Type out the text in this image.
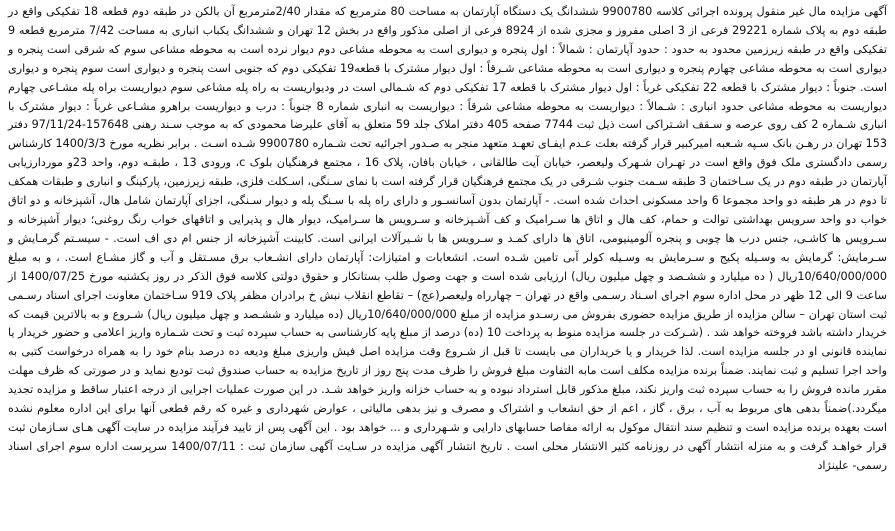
آگهی مزایده مال غیر منقول پرونده اجرائی کلاسه 9900780 ششدانگ یک دستگاه آپارتمان به مساحت 80 مترمربع که مقدار 2/40مترمربع آن بالکن در طبقه دوم قطعه 18 تفکیکی واقع در طبقه دوم به پلاک شماره 29221 فرعی از 3 اصلی مفروز و مجزی شده از 8924 فرعی از اصلی مذکور واقع در بخش 12 تهران و ششدانگ یکباب انباری به مساحت 7/42 مترمربع قطعه 9 تفکیکی واقع در طبقه زیرزمین محدود به حدود : حدود آپارتمان : شمالاً : اول پنجره و دیواری است به محوطه مشاعی دوم دیوار نرده است به محوطه مشاعی سوم که شرقی است پنجره و دیواری است به محوطه مشاعی چهارم پنجره و دیواری است به محوطه مشاعی شـرقاً : اول دیوار مشترک با قطعه19 تفکیکی دوم که جنوبی است پنجره و دیواری است سوم پنجره و دیواری است. جنوباً : دیوار مشترک با قطعه 22 تفکیکی غرباً : اول دیوار مشترک با قطعه 17 تفکیکی دوم که شـمالی است در ودیواریست به راه پله مشاعی سوم دیواریست براه پله مشـاعی چهارم دیواریست به محوطه مشاعی حدود انباری : شـمالاً : دیواریست به محوطه مشاعی شرقاً : دیواریست به انباری شماره 8 جنوباً : درب و دیواریست براهرو مشـاعی غرباً : دیوار مشترک با انباری شـماره 2 کف روی عرصه و سـقف اشـتراکی است ذیل ثبت 7744 صفحه 405 دفتر املاک جلد 59 متعلق به آقای علیرضا محمودی که به موجب سـند رهنی 157648-97/11/24 دفتر 153 تهران در رهـن بانک سـپه شـعبه امیرکبیر قرار گرفته بعلت عـدم ایفـای تعهـد متعهد منجر به صـدور اجرائیه تحت شـماره 9900780 شـده اسـت . برابر نظریه مورخ 1400/3/3 کارشناس رسمی دادگستری ملک فوق واقع است در تهـران شـهرک ولیعصر، خیابان آیت طالقانی ، خیابان بافان، پلاک 16 ، مجتمع فرهنگیان بلوک c، ورودی 13 ، طبقـه دوم، واحد 23و موردارزیابی آپارتمان در طبقه دوم در یک سـاختمان 3 طبقه سـمت جنوب شـرقی در یک مجتمع فرهنگیان قرار گرفته است با نمای سـنگی، اسـکلت فلزی، طبقه زیرزمین، پارکینگ و انباری و طبقات همکف تا دوم در هر طبقه دو واحد مجموعا 6 واحد مسکونی احداث شده است. - آپارتمان بدون آسانسـور و دارای راه پله با سـنگ پله و دیوار سـنگی، اجزای آپارتمان شامل هال، آشپزخانه و دو اتاق خواب دو واحد سرویس بهداشتی توالت و حمام، کف هال و اتاق ها سـرامیک و کف آشـپزخانه و سـرویس ها سـرامیک، دیوار هال و پذیرایی و اتاقهای خواب رنگ روغنی؛ دیوار آشپزخانه و سـرویس ها کاشـی، جنس درب ها چوبی و پنجره آلومینیومی، اتاق ها دارای کمـد و سـرویس ها با شـیرآلات ایرانی است. کابینت آشپزخانه از جنس ام دی اف است. - سیسـتم گرمـایش و سـرمایش: گرمایش به وسـیله پکیج و سـرمایش به وسـیله کولر آبی تامین شـده است. انشعابات و امتیازات: آپارتمان دارای انشـعاب برق مسـتقل و آب و گاز مشـاع است. ، و به مبلغ 10/640/000/000ریال ( ده میلیارد و ششـصد و چهل میلیون ریال) ارزیابی شده است و جهت وصول طلب بستانکار و حقوق دولتی کلاسه فوق الذکر در روز یکشنبه مورخ 1400/07/25 از ساعت 9 الی 12 ظهر در محل اداره سوم اجرای اسـناد رسـمی واقع در تهران – چهارراه ولیعصر(عج) – تقاطع انقلاب نبش خ برادران مظفر پلاک 919 سـاختمان معاونت اجرای اسناد رسـمی ثبت استان تهران – سالن مزایده از طریق مزایده حضوری بفروش می رسـدو مزایده از مبلغ 10/640/000/000ریال (ده میلیارد و ششـصد و چهل میلیون ریال) شـروع و به بالاترین قیمت که خریدار داشته باشد فروخته خواهد شد . (شـرکت در جلسه مزایده منوط به پرداخت 10 (ده) درصد از مبلغ پایه کارشناسی به حساب سپرده ثبت و تحت شـماره واریز اعلامی و حضور خریدار یا نماینده قانونی او در جلسه مزایده است. لذا خریدار و یا خریداران می بایست تا قبل از شـروع وقت مزایده اصل فیش واریزی مبلغ ودیعه ده درصد بنام خود را به همراه درخواست کتبی به واحد اجرا تسلیم و ثبت نمایند. ضمناً برنده مزایده مکلف است مابه التفاوت مبلغ فروش را ظرف مدت پنج روز از تاریخ مزایده به حساب صندوق ثبت تودیع نماید و در صورتی که ظرف مهلت مقرر مانده فروش را به حساب سپرده ثبت واریز نکند، مبلغ مذکور قابل استرداد نبوده و به حساب خزانه واریز خواهد شـد. در این صورت عملیات اجرایی از درجه اعتبار ساقط و مزایده تجدید میگردد.)ضمناً بدهی های مربوط به آب ، برق ، گاز ، اعم از حق انشعاب و اشتراک و مصرف و نیز بدهی مالیاتی ، عوارض شهرداری و غیره که رقم قطعی آنها برای این اداره معلوم نشده است بعهده برنده مزایده است و تنظیم سند انتقال موکول به ارائه مفاصا حسابهای دارایی و شـهرداری و ... خواهد بود . این آگهی پس از تایید فرآیند مزایده در سایت آگهی هـای سـازمان ثبت قرار خواهـد گرفت و به منزله انتشار آگهی در روزنامه کثیر الانتشار محلی است . تاریخ انتشار آگهی مزایده در سـایت آگهی سازمان ثبت : 1400/07/11 سرپرست اداره سوم اجرای اسناد رسمی- علینژاد
